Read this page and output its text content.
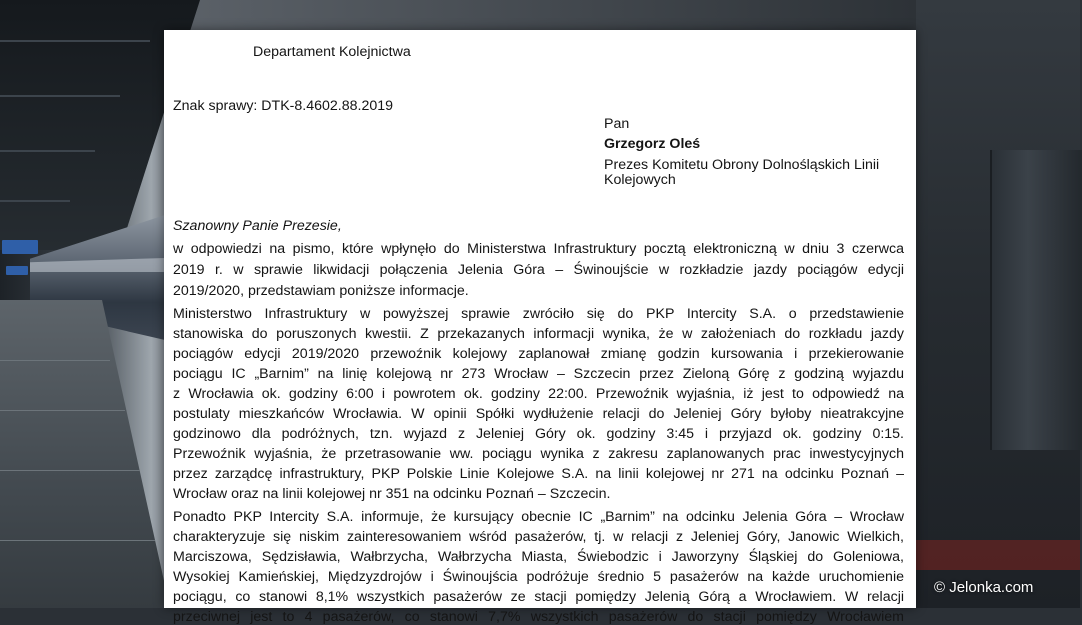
Departament Kolejnictwa
Znak sprawy: DTK-8.4602.88.2019
Pan
Grzegorz Oleś
Prezes Komitetu Obrony Dolnośląskich Linii
Kolejowych
Szanowny Panie Prezesie,
w odpowiedzi na pismo, które wpłynęło do Ministerstwa Infrastruktury pocztą elektroniczną w dniu 3 czerwca
2019 r. w sprawie likwidacji połączenia Jelenia Góra – Świnoujście w rozkładzie jazdy pociągów edycji
2019/2020, przedstawiam poniższe informacje.
Ministerstwo Infrastruktury w powyższej sprawie zwróciło się do PKP Intercity S.A. o przedstawienie
stanowiska do poruszonych kwestii. Z przekazanych informacji wynika, że w założeniach do rozkładu jazdy
pociągów edycji 2019/2020 przewoźnik kolejowy zaplanował zmianę godzin kursowania i przekierowanie
pociągu IC „Barnim” na linię kolejową nr 273 Wrocław – Szczecin przez Zieloną Górę z godziną wyjazdu
z Wrocławia ok. godziny 6:00 i powrotem ok. godziny 22:00. Przewoźnik wyjaśnia, iż jest to odpowiedź na
postulaty mieszkańców Wrocławia. W opinii Spółki wydłużenie relacji do Jeleniej Góry byłoby nieatrakcyjne
godzinowo dla podróżnych, tzn. wyjazd z Jeleniej Góry ok. godziny 3:45 i przyjazd ok. godziny 0:15.
Przewoźnik wyjaśnia, że przetrasowanie ww. pociągu wynika z zakresu zaplanowanych prac inwestycyjnych
przez zarządcę infrastruktury, PKP Polskie Linie Kolejowe S.A. na linii kolejowej nr 271 na odcinku Poznań –
Wrocław oraz na linii kolejowej nr 351 na odcinku Poznań – Szczecin.
Ponadto PKP Intercity S.A. informuje, że kursujący obecnie IC „Barnim” na odcinku Jelenia Góra – Wrocław
charakteryzuje się niskim zainteresowaniem wśród pasażerów, tj. w relacji z Jeleniej Góry, Janowic Wielkich,
Marciszowa, Sędzisławia, Wałbrzycha, Wałbrzycha Miasta, Świebodzic i Jaworzyny Śląskiej do Goleniowa,
Wysokiej Kamieńskiej, Międzyzdrojów i Świnoujścia podróżuje średnio 5 pasażerów na każde uruchomienie
pociągu, co stanowi 8,1% wszystkich pasażerów ze stacji pomiędzy Jelenią Górą a Wrocławiem. W relacji
przeciwnej jest to 4 pasażerów, co stanowi 7,7% wszystkich pasażerów do stacji pomiędzy Wrocławiem
© Jelonka.com
